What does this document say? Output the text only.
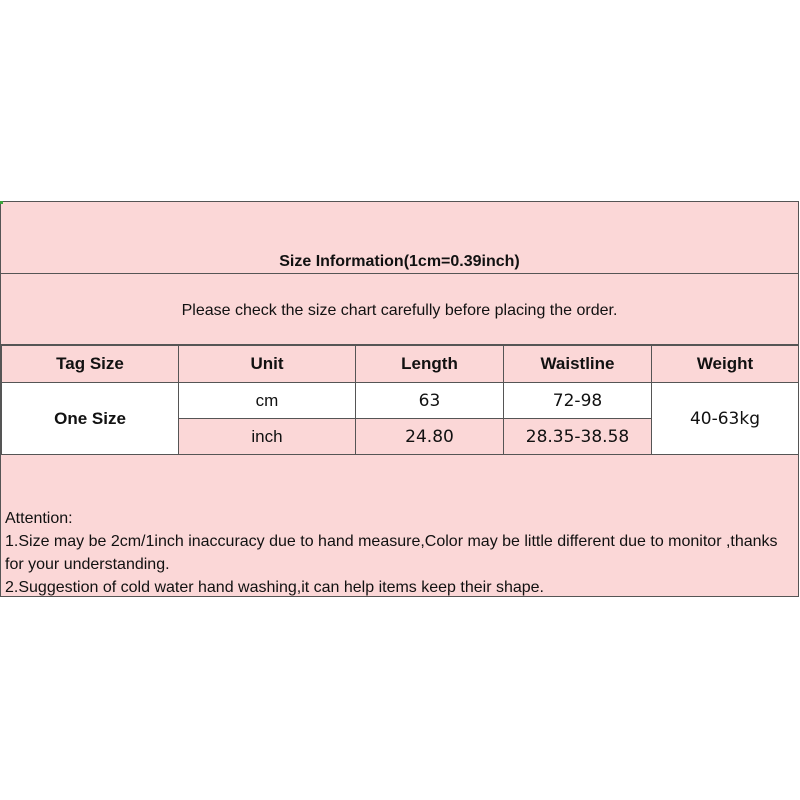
Size Information(1cm=0.39inch)
Please check the size chart carefully before placing the order.
Tag Size	Unit	Length	Waistline	Weight
One Size	cm	63	72-98	40-63kg
	inch	24.80	28.35-38.58	
Attention:
1.Size may be 2cm/1inch inaccuracy due to hand measure,Color may be little different due to monitor ,thanks for your understanding.
2.Suggestion of cold water hand washing,it can help items keep their shape.
